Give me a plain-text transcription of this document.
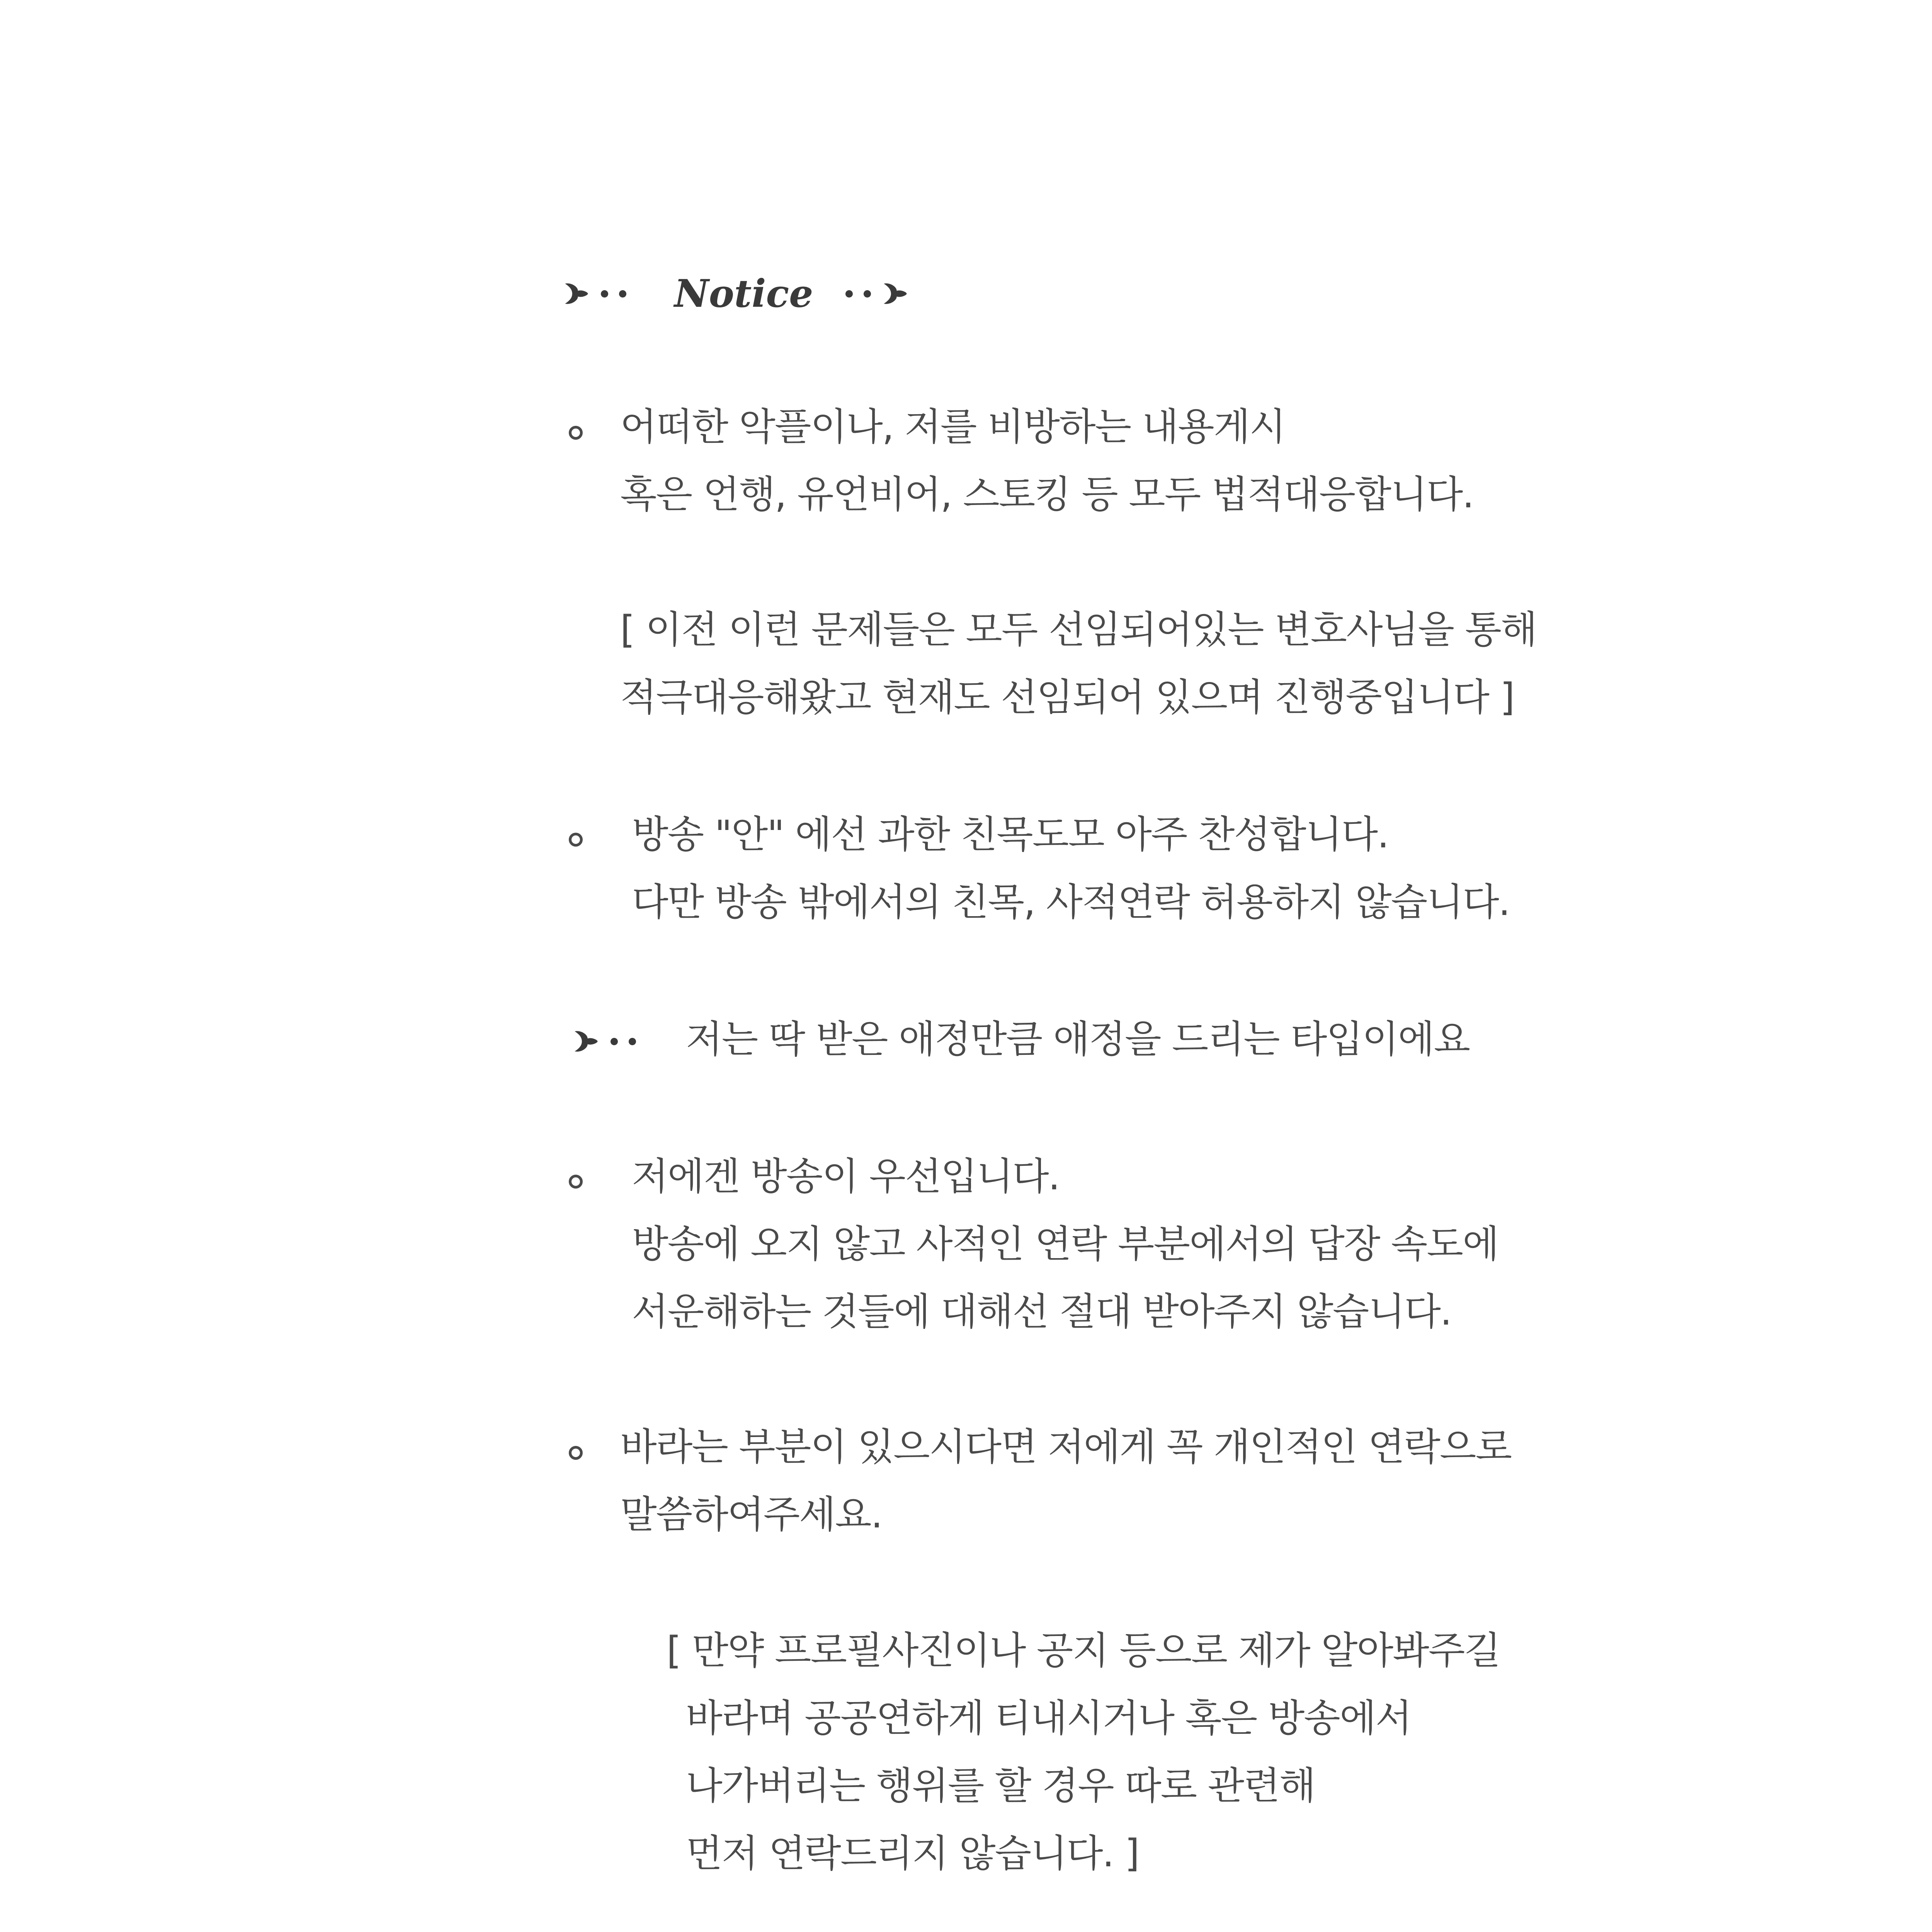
Notice
어떠한 악플이나, 저를 비방하는 내용게시
혹은 언행, 유언비어, 스토킹 등 모두 법적대응합니다.
[ 이전 이런 문제들은 모두 선임되어있는 변호사님을 통해
적극대응해왔고 현재도 선임되어 있으며 진행중입니다 ]
방송 "안" 에선 과한 친목도모 아주 찬성합니다.
다만 방송 밖에서의 친목, 사적연락 허용하지 않습니다.
저는 딱 받은 애정만큼 애정을 드리는 타입이에요
저에겐 방송이 우선입니다.
방송에 오지 않고 사적인 연락 부분에서의 답장 속도에
서운해하는 것들에 대해선 절대 받아주지 않습니다.
바라는 부분이 있으시다면 저에게 꼭 개인적인 연락으로
말씀하여주세요.
[ 만약 프로필사진이나 공지 등으로 제가 알아봐주길
바라며 공공연하게 티내시거나 혹은 방송에서
나가버리는 행위를 할 경우 따로 관련해
먼저 연락드리지 않습니다. ]
